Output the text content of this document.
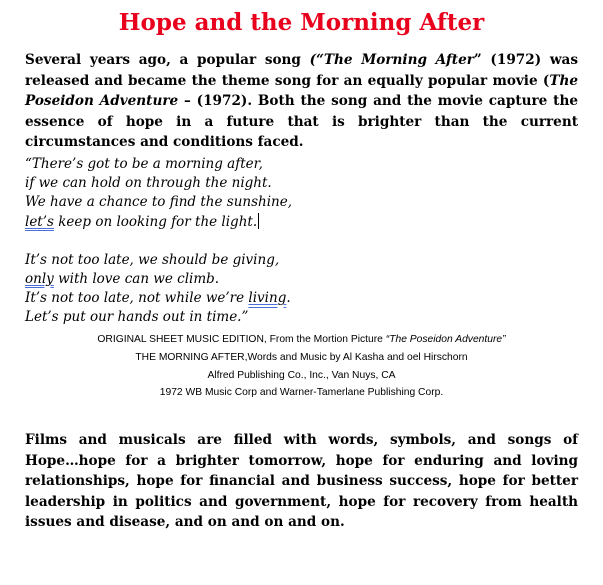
Hope and the Morning After
Several years ago, a popular song (“The Morning After” (1972) was
released and became the theme song for an equally popular movie (The
Poseidon Adventure – (1972). Both the song and the movie capture the
essence of hope in a future that is brighter than the current
circumstances and conditions faced.
“There’s got to be a morning after,
if we can hold on through the night.
We have a chance to find the sunshine,
let’s keep on looking for the light.
It’s not too late, we should be giving,
only with love can we climb.
It’s not too late, not while we’re living.
Let’s put our hands out in time.”
ORIGINAL SHEET MUSIC EDITION, From the Mortion Picture “The Poseidon Adventure”
THE MORNING AFTER,Words and Music by Al Kasha and oel Hirschorn
Alfred Publishing Co., Inc., Van Nuys, CA
1972 WB Music Corp and Warner-Tamerlane Publishing Corp.
Films and musicals are filled with words, symbols, and songs of
Hope…hope for a brighter tomorrow, hope for enduring and loving
relationships, hope for financial and business success, hope for better
leadership in politics and government, hope for recovery from health
issues and disease, and on and on and on.
